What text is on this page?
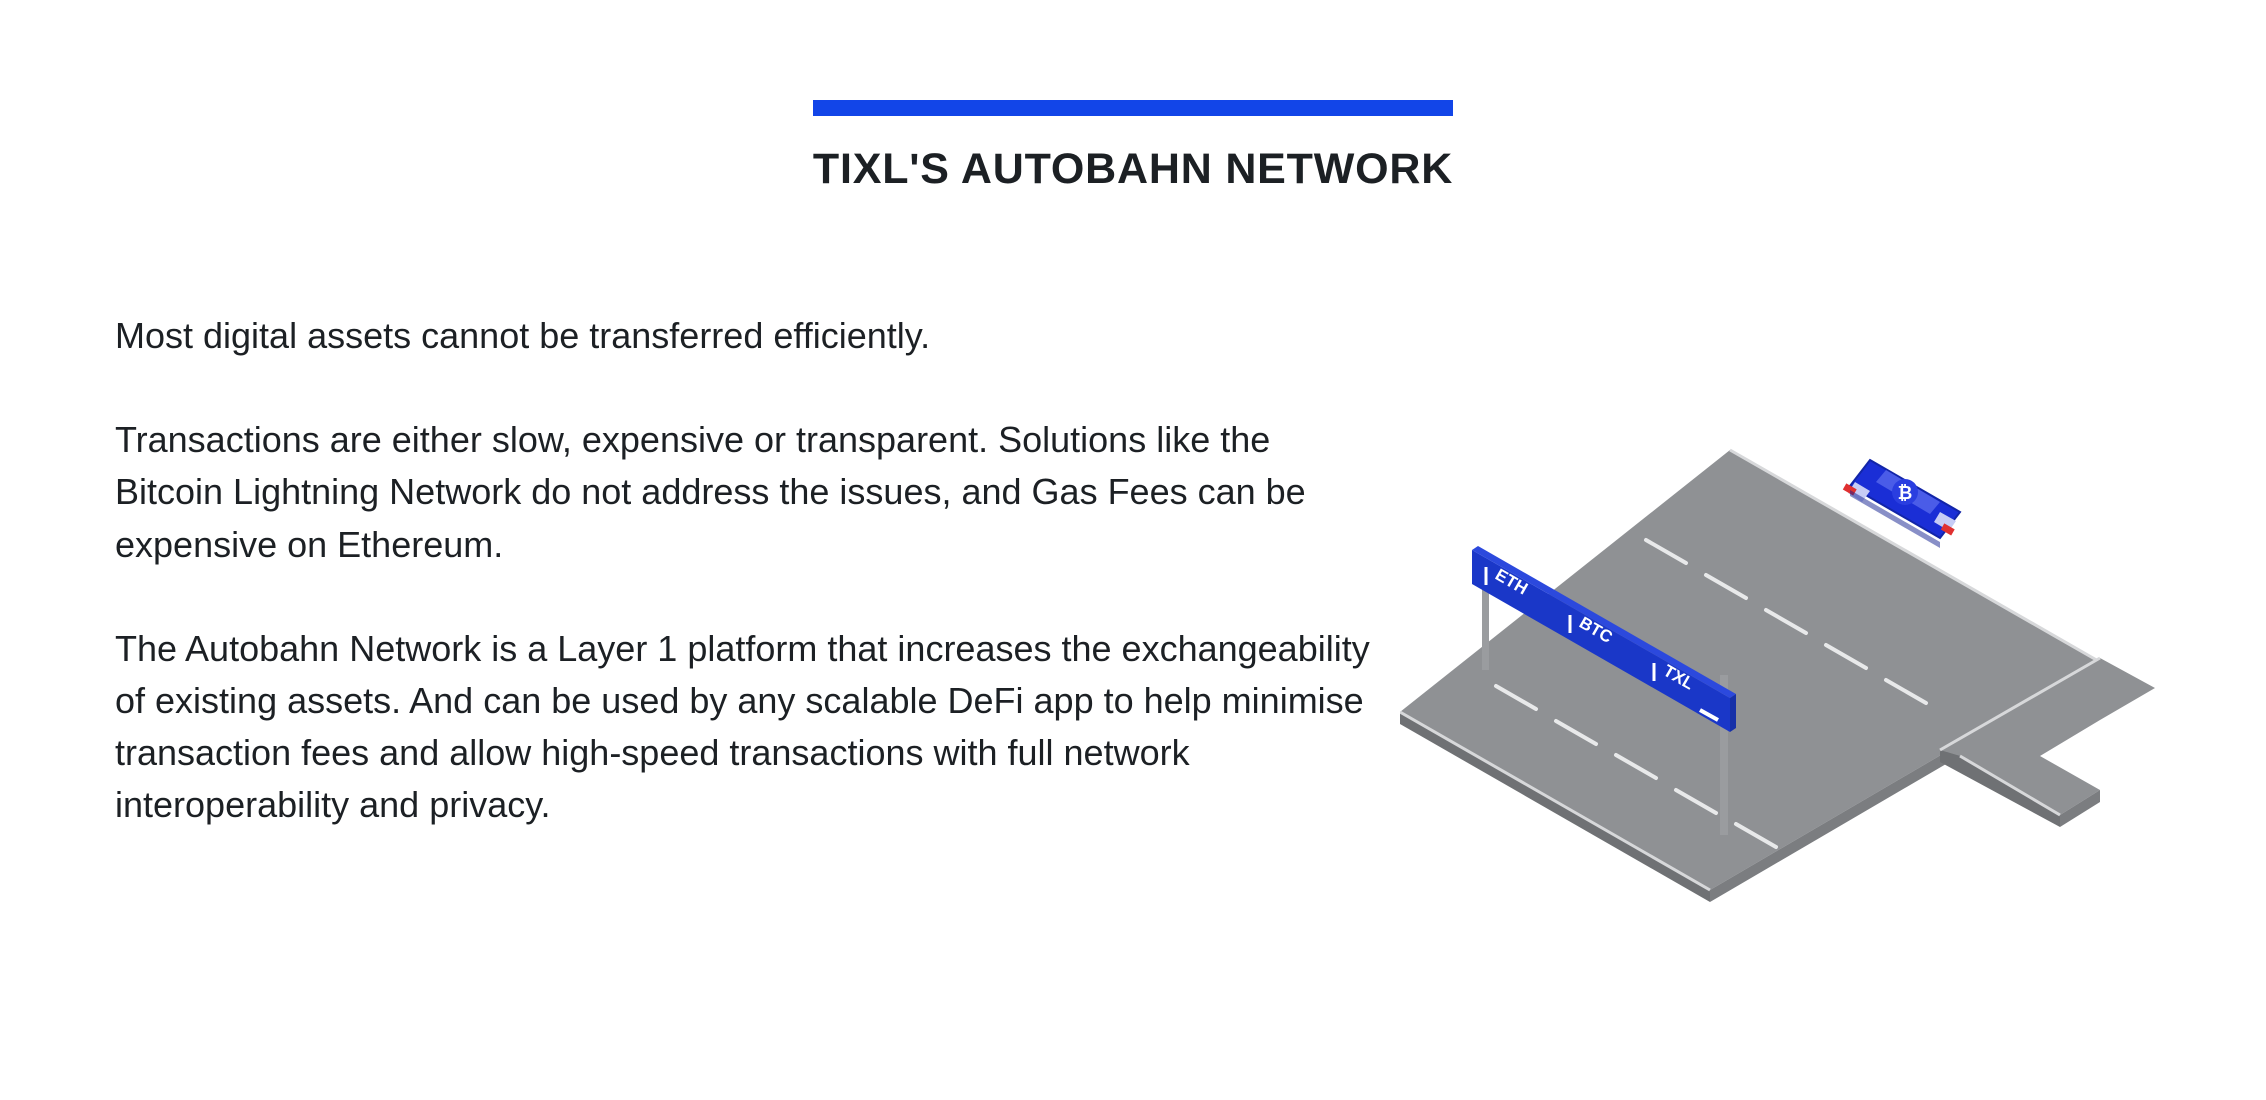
TIXL'S AUTOBAHN NETWORK

Most digital assets cannot be transferred efficiently.

Transactions are either slow, expensive or transparent. Solutions like the Bitcoin Lightning Network do not address the issues, and Gas Fees can be expensive on Ethereum.

The Autobahn Network is a Layer 1 platform that increases the exchangeability of existing assets. And can be used by any scalable DeFi app to help minimise transaction fees and allow high-speed transactions with full network interoperability and privacy.

ETH
BTC
TXL
₿
